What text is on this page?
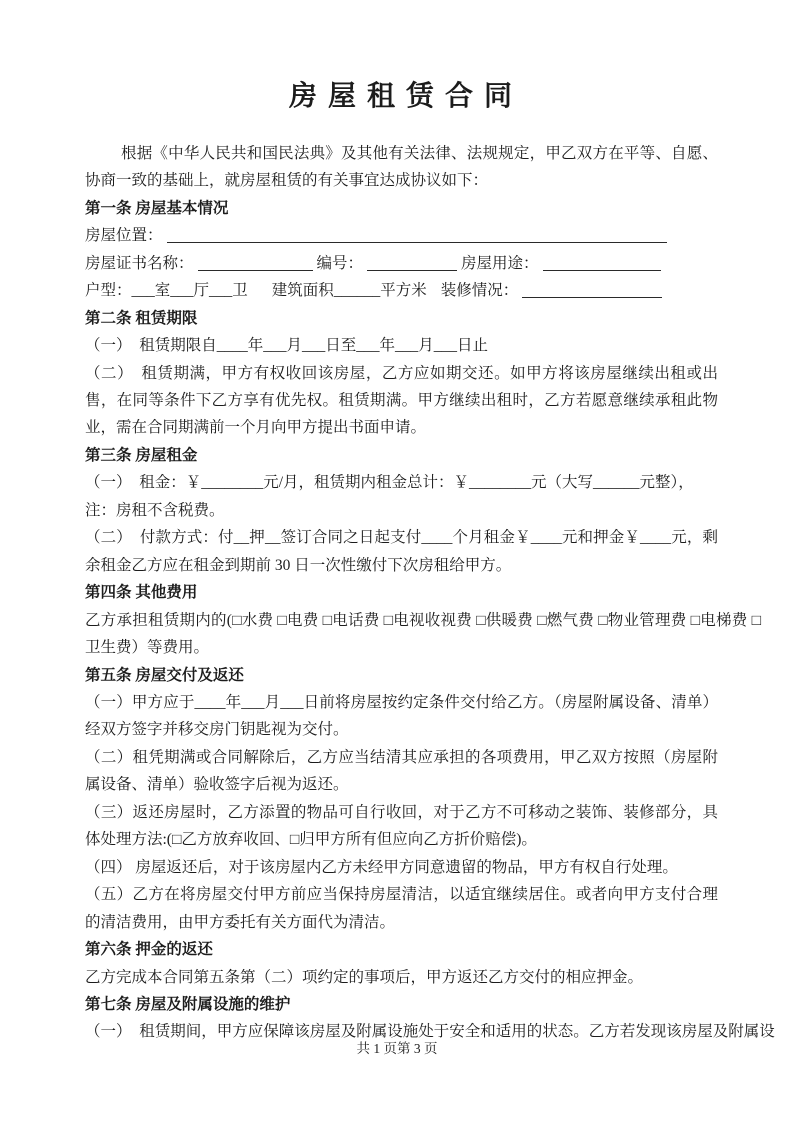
房 屋 租 赁 合 同

根据《中华人民共和国民法典》及其他有关法律、法规规定，甲乙双方在平等、自愿、协商一致的基础上，就房屋租赁的有关事宜达成协议如下：

第一条 房屋基本情况
房屋位置：
房屋证书名称：	编号：	房屋用途：
户型：___室___厅___卫 建筑面积______平方米 装修情况：
第二条 租赁期限

（一）　租赁期限自____年___月___日至___年___月___日止

（二）　租赁期满，甲方有权收回该房屋，乙方应如期交还。如甲方将该房屋继续出租或出售，在同等条件下乙方享有优先权。租赁期满。甲方继续出租时，乙方若愿意继续承租此物业，需在合同期满前一个月向甲方提出书面申请。

第三条 房屋租金

（一）　租金：￥________元/月，租赁期内租金总计：￥________元（大写______元整），

注：房租不含税费。

（二）　付款方式：付__押__签订合同之日起支付____个月租金￥____元和押金￥____元，剩余租金乙方应在租金到期前 30 日一次性缴付下次房租给甲方。

第四条 其他费用

乙方承担租赁期内的(□水费 □电费 □电话费 □电视收视费 □供暖费 □燃气费 □物业管理费 □电梯费 □卫生费）等费用。

第五条 房屋交付及返还

（一）甲方应于____年___月___日前将房屋按约定条件交付给乙方。（房屋附属设备、清单）经双方签字并移交房门钥匙视为交付。

（二）租凭期满或合同解除后，乙方应当结清其应承担的各项费用，甲乙双方按照（房屋附属设备、清单）验收签字后视为返还。

（三）返还房屋时，乙方添置的物品可自行收回，对于乙方不可移动之装饰、装修部分，具体处理方法:(□乙方放弃收回、□归甲方所有但应向乙方折价赔偿)。

（四） 房屋返还后，对于该房屋内乙方未经甲方同意遗留的物品，甲方有权自行处理。

（五）乙方在将房屋交付甲方前应当保持房屋清洁，以适宜继续居住。或者向甲方支付合理的清洁费用，由甲方委托有关方面代为清洁。

第六条 押金的返还

乙方完成本合同第五条第（二）项约定的事项后，甲方返还乙方交付的相应押金。

第七条 房屋及附属设施的维护

（一）　租赁期间，甲方应保障该房屋及附属设施处于安全和适用的状态。乙方若发现该房屋及附属设

共 1 页第 3 页
